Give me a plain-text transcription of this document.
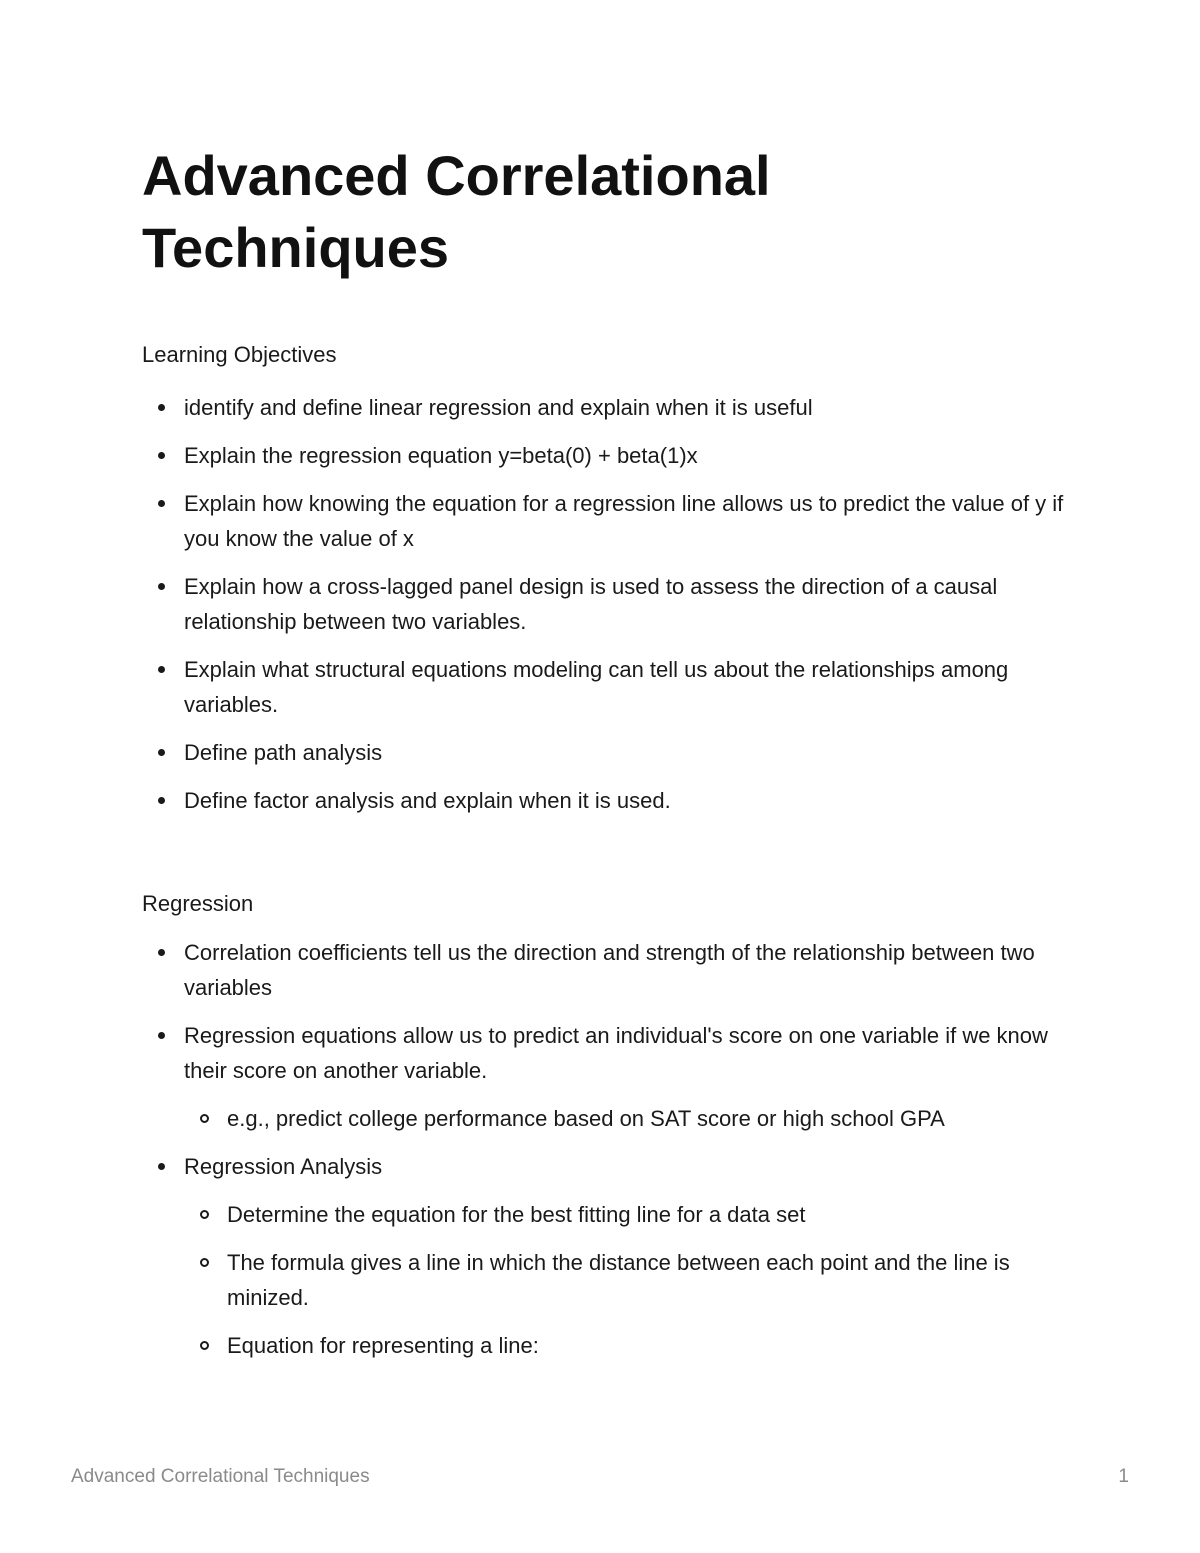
Advanced Correlational Techniques
Learning Objectives
identify and define linear regression and explain when it is useful
Explain the regression equation y=beta(0) + beta(1)x
Explain how knowing the equation for a regression line allows us to predict the value of y if you know the value of x
Explain how a cross-lagged panel design is used to assess the direction of a causal relationship between two variables.
Explain what structural equations modeling can tell us about the relationships among variables.
Define path analysis
Define factor analysis and explain when it is used.
Regression
Correlation coefficients tell us the direction and strength of the relationship between two variables
Regression equations allow us to predict an individual's score on one variable if we know their score on another variable.
e.g., predict college performance based on SAT score or high school GPA
Regression Analysis
Determine the equation for the best fitting line for a data set
The formula gives a line in which the distance between each point and the line is minized.
Equation for representing a line:
Advanced Correlational Techniques	1
